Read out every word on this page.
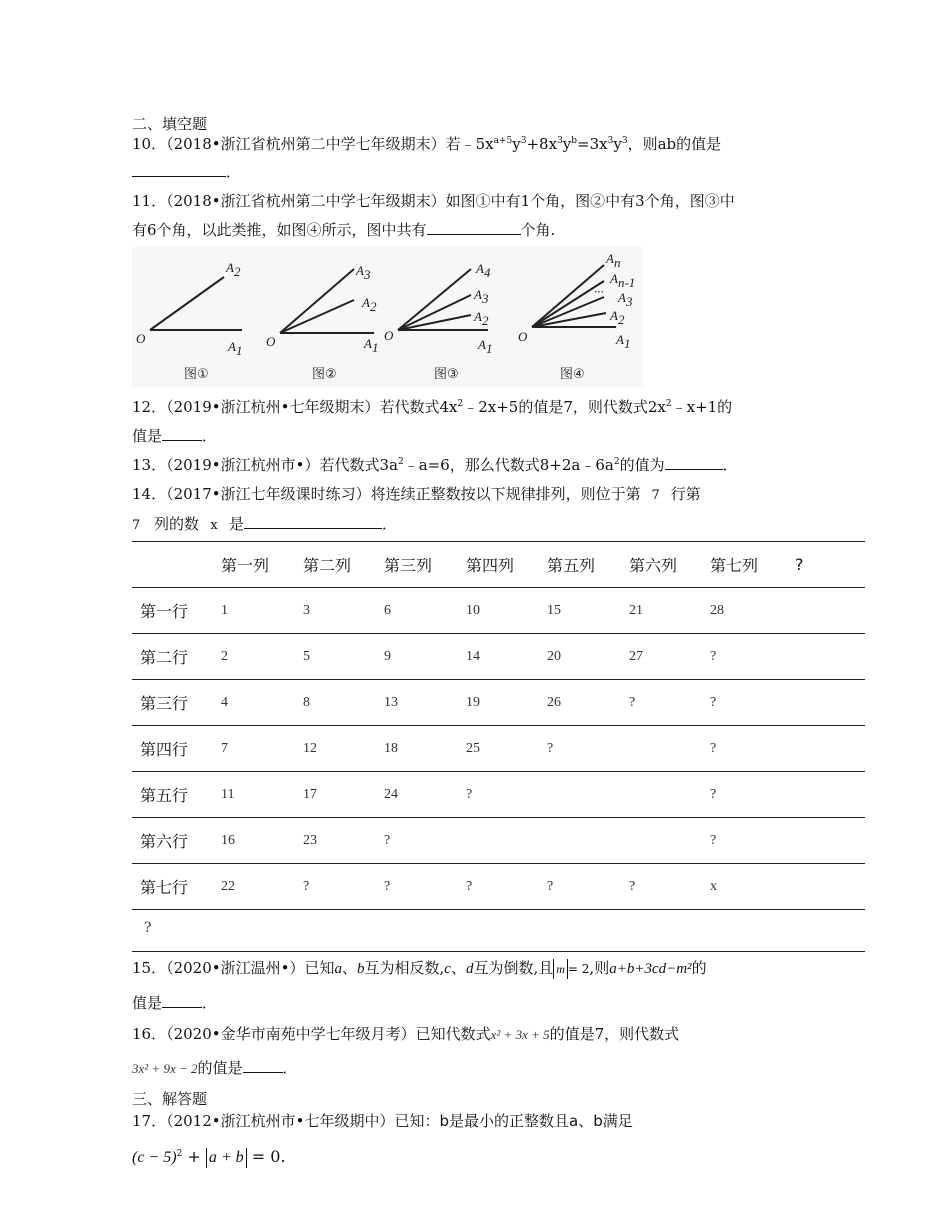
二、填空题
10．（2018•浙江省杭州第二中学七年级期末）若$﹣5x^{a+5}y^3+8x^3y^b=3x^3y^3$，则ab的值是
．
11．（2018•浙江省杭州第二中学七年级期末）如图①中有1个角，图②中有3个角，图③中
有6个角，以此类推，如图④所示，图中共有	个角.
O
A2
A1
图①
O
A3
A2
A1
图②
O
A4
A3
A2
A1
图③
O
An
An-1
··· A3
A2
A1
图④
12．（2019•浙江杭州•七年级期末）若代数式$4x^2﹣2x+5$的值是7，则代数式$2x^2﹣x+1$的
值是	．
13．（2019•浙江杭州市•）若代数式$3a^2﹣a=6$，那么代数式$8+2a﹣6a^2$的值为	．
14．（2017•浙江七年级课时练习）将连续正整数按以下规律排列，则位于第 7 行第
7 列的数 x 是	．
	第一列	第二列	第三列	第四列	第五列	第六列	第七列	?
第一行	1	3	6	10	15	21	28	
第二行	2	5	9	14	20	27	?	
第三行	4	8	13	19	26	?	?	
第四行	7	12	18	25	?		?	
第五行	11	17	24	?			?	
第六行	16	23	?				?	
第七行	22	?	?	?	?	?	x	
?
15．（2020•浙江温州•）已知a、b互为相反数,c、d互为倒数,且 m = 2,则a+b+3cd−m²的
值是	．
16．（2020•金华市南苑中学七年级月考）已知代数式x² + 3x + 5的值是7，则代数式
3x² + 9x − 2的值是	．
三、解答题
17．（2012•浙江杭州市•七年级期中）已知：b是最小的正整数且a、b满足
$(c - 5)^2 + a + b = 0$.
